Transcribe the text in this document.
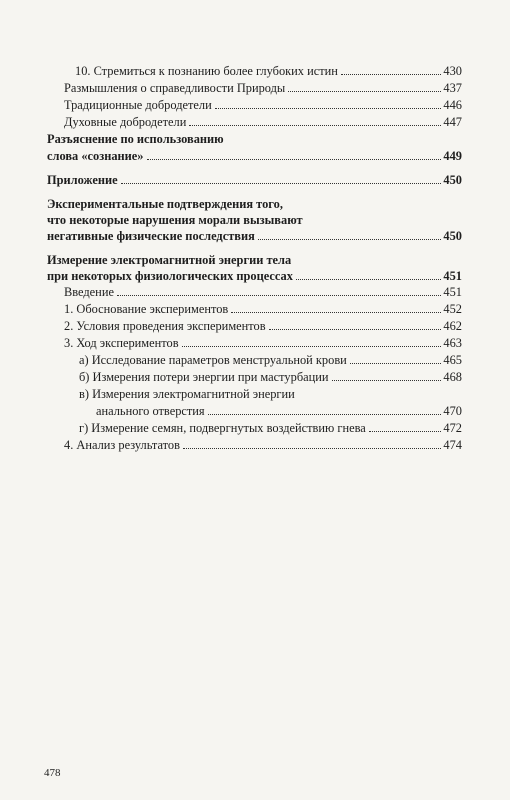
10. Стремиться к познанию более глубоких истин	430
Размышления о справедливости Природы	437
Традиционные добродетели	446
Духовные добродетели	447
Разъяснение по использованию
слова «сознание»	449
Приложение	450
Экспериментальные подтверждения того,
что некоторые нарушения морали вызывают
негативные физические последствия	450
Измерение электромагнитной энергии тела
при некоторых физиологических процессах	451
Введение	451
1. Обоснование экспериментов	452
2. Условия проведения экспериментов	462
3. Ход экспериментов	463
а) Исследование параметров менструальной крови	465
б) Измерения потери энергии при мастурбации	468
в) Измерения электромагнитной энергии
анального отверстия	470
г) Измерение семян, подвергнутых воздействию гнева	472
4. Анализ результатов	474
478
